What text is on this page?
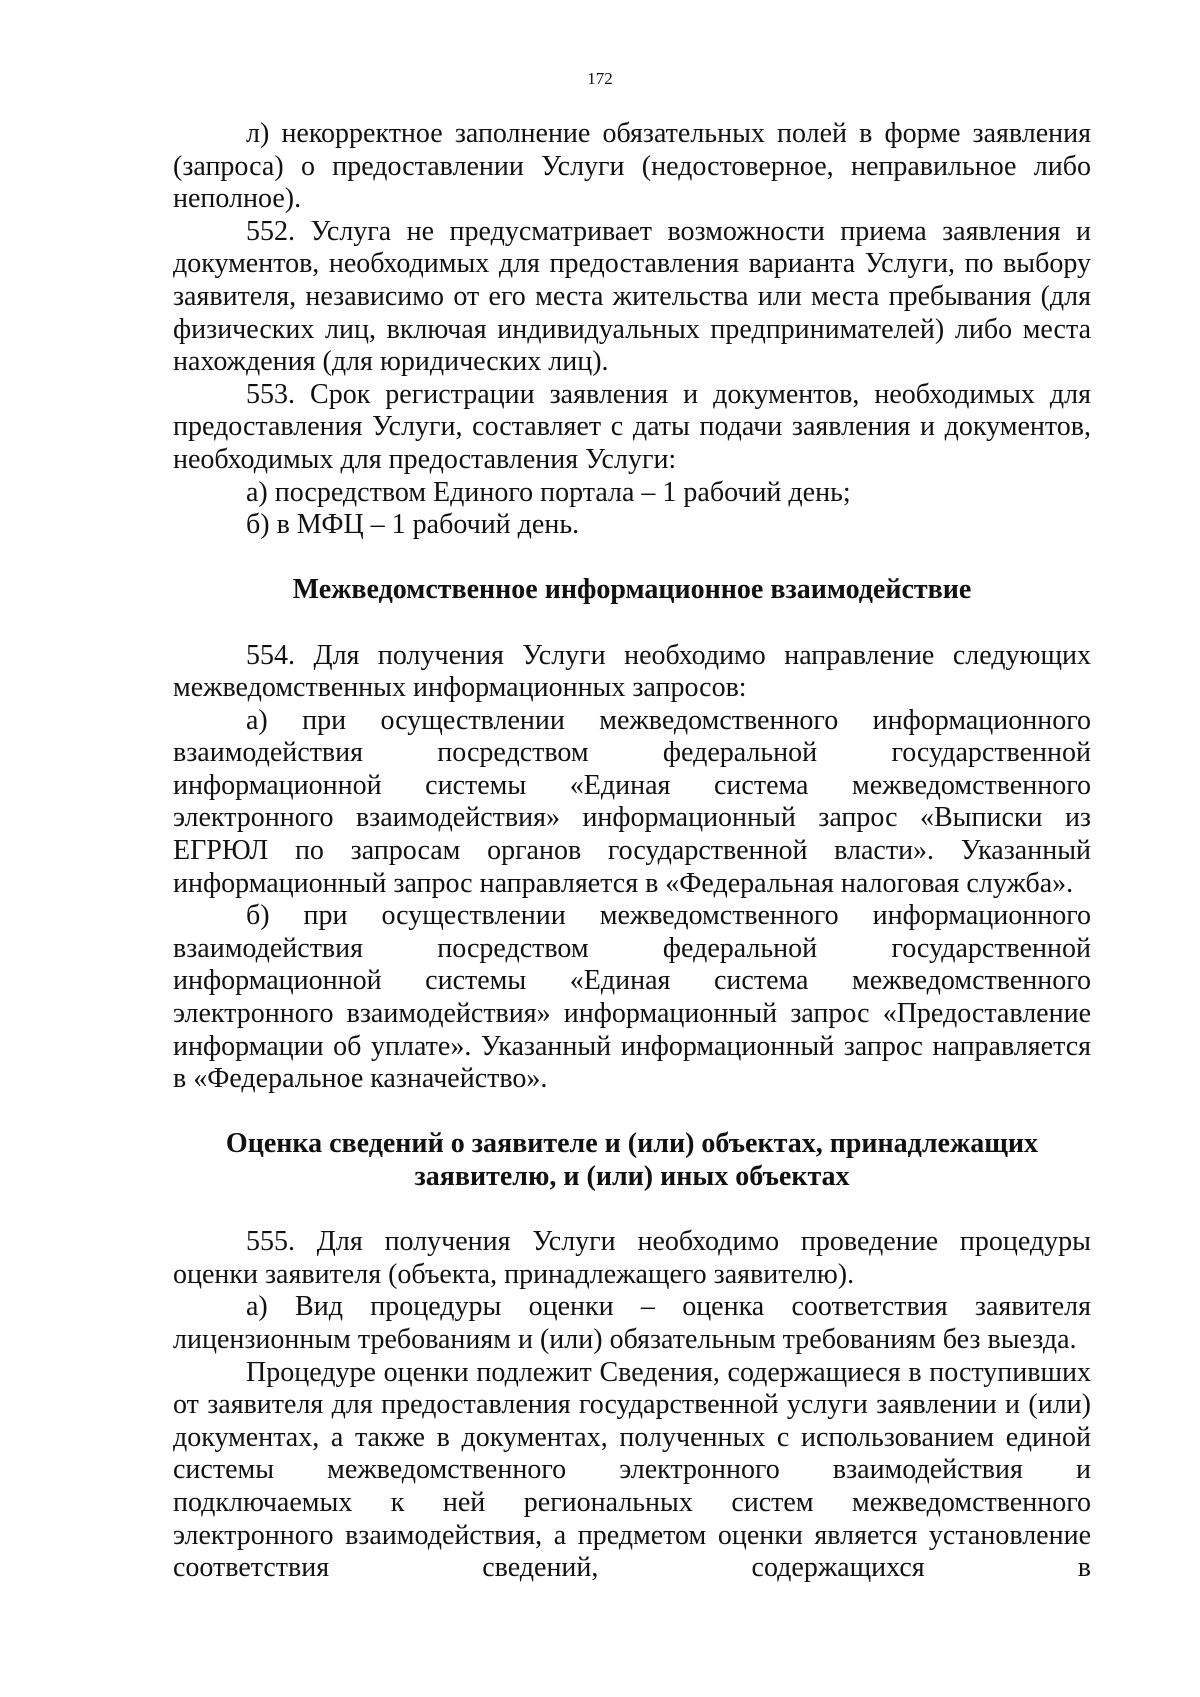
172

л) некорректное заполнение обязательных полей в форме заявления (запроса) о предоставлении Услуги (недостоверное, неправильное либо неполное).

552. Услуга не предусматривает возможности приема заявления и документов, необходимых для предоставления варианта Услуги, по выбору заявителя, независимо от его места жительства или места пребывания (для физических лиц, включая индивидуальных предпринимателей) либо места нахождения (для юридических лиц).

553. Срок регистрации заявления и документов, необходимых для предоставления Услуги, составляет с даты подачи заявления и документов, необходимых для предоставления Услуги:

а) посредством Единого портала – 1 рабочий день;

б) в МФЦ – 1 рабочий день.

Межведомственное информационное взаимодействие

554. Для получения Услуги необходимо направление следующих межведомственных информационных запросов:

а) при осуществлении межведомственного информационного взаимодействия посредством федеральной государственной информационной системы «Единая система межведомственного электронного взаимодействия» информационный запрос «Выписки из ЕГРЮЛ по запросам органов государственной власти». Указанный информационный запрос направляется в «Федеральная налоговая служба».

б) при осуществлении межведомственного информационного взаимодействия посредством федеральной государственной информационной системы «Единая система межведомственного электронного взаимодействия» информационный запрос «Предоставление информации об уплате». Указанный информационный запрос направляется в «Федеральное казначейство».

Оценка сведений о заявителе и (или) объектах, принадлежащих
заявителю, и (или) иных объектах

555. Для получения Услуги необходимо проведение процедуры оценки заявителя (объекта, принадлежащего заявителю).

а) Вид процедуры оценки – оценка соответствия заявителя лицензионным требованиям и (или) обязательным требованиям без выезда.

Процедуре оценки подлежит Сведения, содержащиеся в поступивших от заявителя для предоставления государственной услуги заявлении и (или) документах, а также в документах, полученных с использованием единой системы межведомственного электронного взаимодействия и подключаемых к ней региональных систем межведомственного электронного взаимодействия, а предметом оценки является установление соответствия сведений, содержащихся в
